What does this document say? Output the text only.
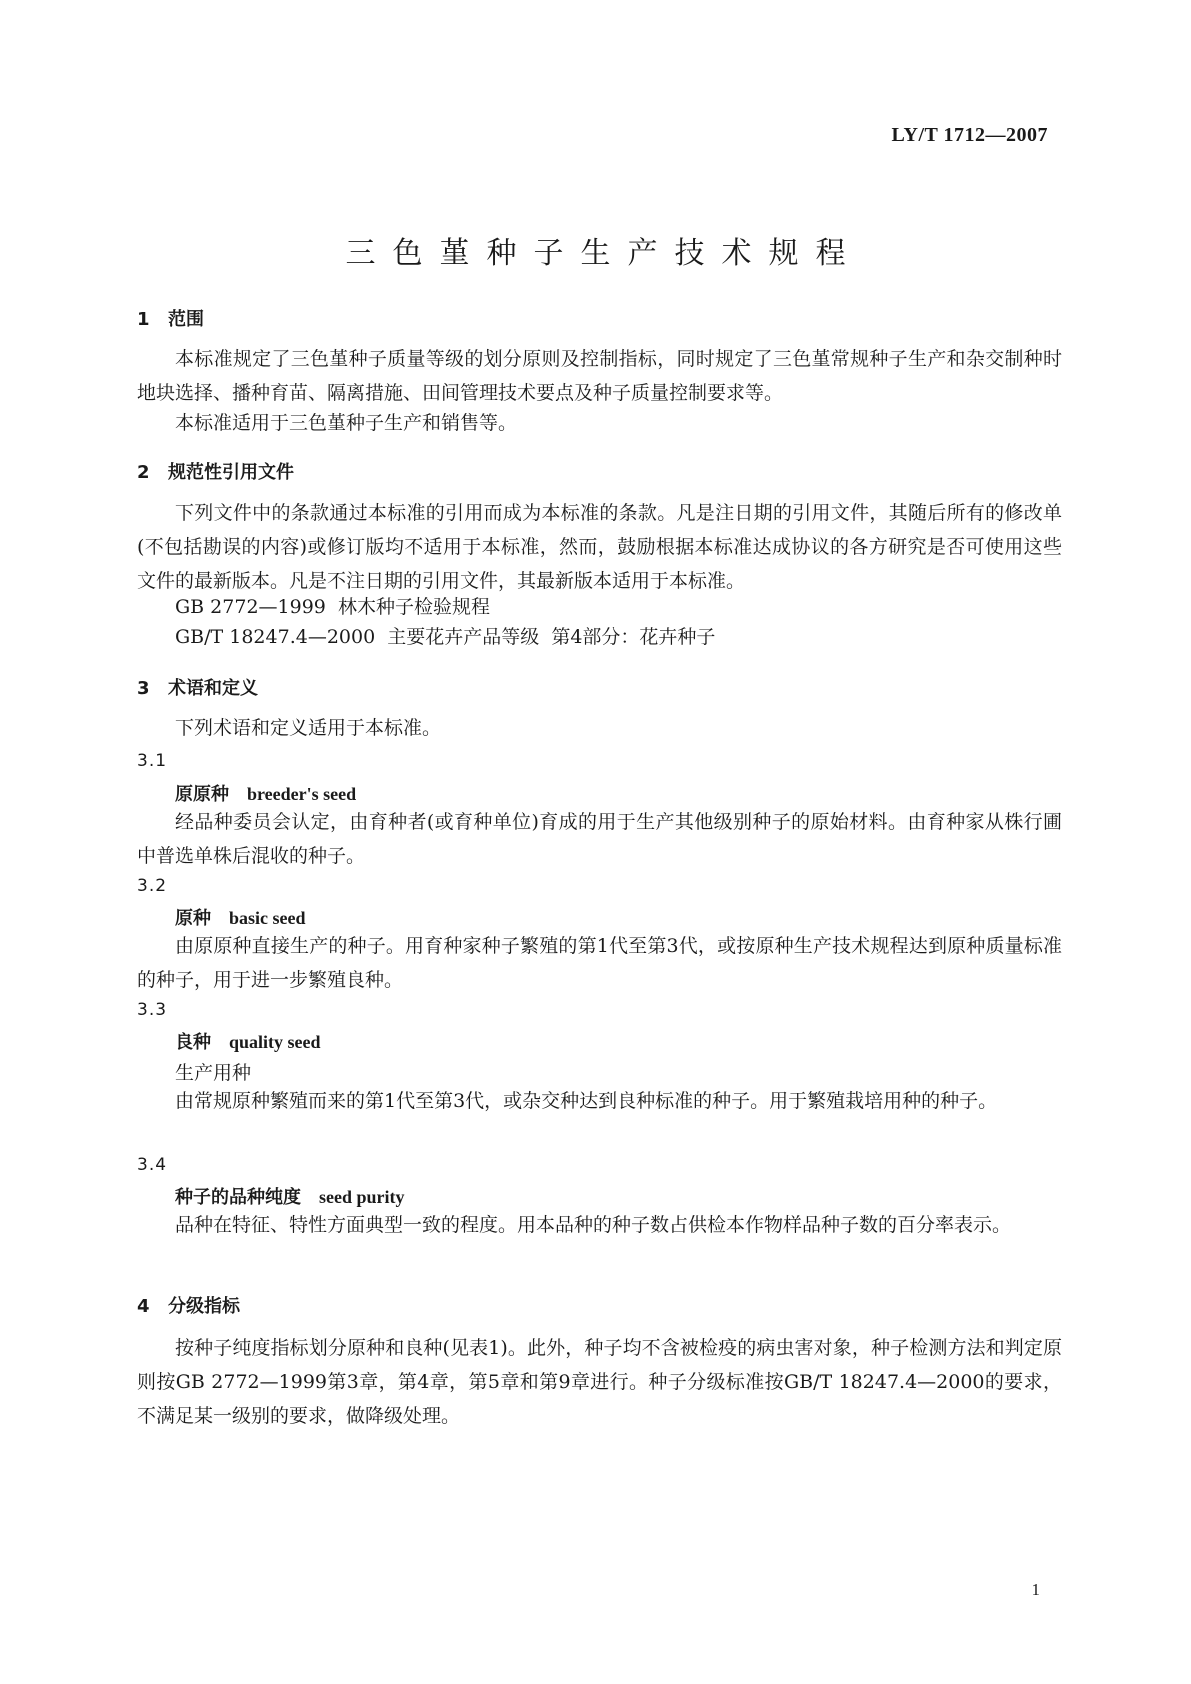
LY/T 1712—2007
三色堇种子生产技术规程
1 范围
本标准规定了三色堇种子质量等级的划分原则及控制指标，同时规定了三色堇常规种子生产和杂交制种时地块选择、播种育苗、隔离措施、田间管理技术要点及种子质量控制要求等。
本标准适用于三色堇种子生产和销售等。
2 规范性引用文件
下列文件中的条款通过本标准的引用而成为本标准的条款。凡是注日期的引用文件，其随后所有的修改单(不包括勘误的内容)或修订版均不适用于本标准，然而，鼓励根据本标准达成协议的各方研究是否可使用这些文件的最新版本。凡是不注日期的引用文件，其最新版本适用于本标准。
GB 2772—1999  林木种子检验规程
GB/T 18247.4—2000  主要花卉产品等级  第4部分：花卉种子
3 术语和定义
下列术语和定义适用于本标准。
3.1
原原种 breeder's seed
经品种委员会认定，由育种者(或育种单位)育成的用于生产其他级别种子的原始材料。由育种家从株行圃中普选单株后混收的种子。
3.2
原种 basic seed
由原原种直接生产的种子。用育种家种子繁殖的第1代至第3代，或按原种生产技术规程达到原种质量标准的种子，用于进一步繁殖良种。
3.3
良种 quality seed
生产用种
由常规原种繁殖而来的第1代至第3代，或杂交种达到良种标准的种子。用于繁殖栽培用种的种子。
3.4
种子的品种纯度 seed purity
品种在特征、特性方面典型一致的程度。用本品种的种子数占供检本作物样品种子数的百分率表示。
4 分级指标
按种子纯度指标划分原种和良种(见表1)。此外，种子均不含被检疫的病虫害对象，种子检测方法和判定原则按GB 2772—1999第3章，第4章，第5章和第9章进行。种子分级标准按GB/T 18247.4—2000的要求，不满足某一级别的要求，做降级处理。
1
